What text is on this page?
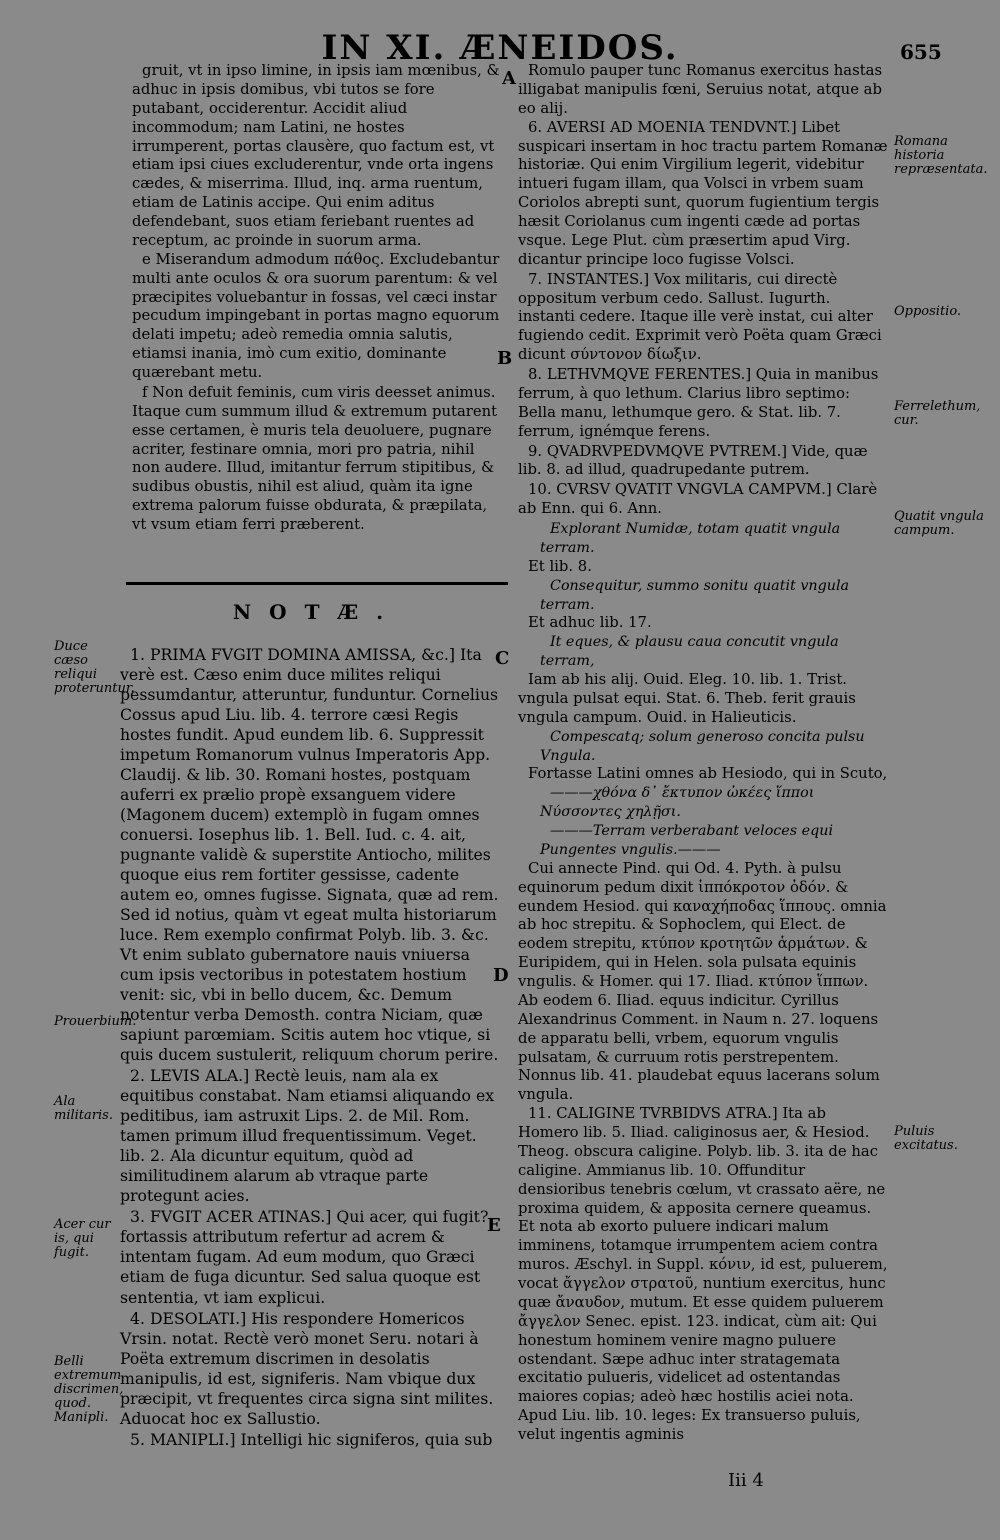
IN XI. ÆNEIDOS.	655

gruit, vt in ipso limine, in ipsis iam mœnibus, & adhuc in ipsis domibus, vbi tutos se fore putabant, occiderentur. Accidit aliud incommodum; nam Latini, ne hostes irrumperent, portas clausère, quo factum est, vt etiam ipsi ciues excluderentur, vnde orta ingens cædes, & miserrima. Illud, inq. arma ruentum, etiam de Latinis accipe. Qui enim aditus defendebant, suos etiam feriebant ruentes ad receptum, ac proinde in suorum arma.

e Miserandum admodum πάθος. Excludebantur multi ante oculos & ora suorum parentum: & vel præcipites voluebantur in fossas, vel cæci instar pecudum impingebant in portas magno equorum delati impetu; adeò remedia omnia salutis, etiamsi inania, imò cum exitio, dominante quærebant metu.

f Non defuit feminis, cum viris deesset animus. Itaque cum summum illud & extremum putarent esse certamen, è muris tela deuoluere, pugnare acriter, festinare omnia, mori pro patria, nihil non audere. Illud, imitantur ferrum stipitibus, & sudibus obustis, nihil est aliud, quàm ita igne extrema palorum fuisse obdurata, & præpilata, vt vsum etiam ferri præberent.

NOTÆ.

1. PRIMA FVGIT DOMINA AMISSA, &c.] Ita verè est. Cæso enim duce milites reliqui pessumdantur, atteruntur, funduntur. Cornelius Cossus apud Liu. lib. 4. terrore cæsi Regis hostes fundit. Apud eundem lib. 6. Suppressit impetum Romanorum vulnus Imperatoris App. Claudij. & lib. 30. Romani hostes, postquam auferri ex prælio propè exsanguem videre (Magonem ducem) extemplò in fugam omnes conuersi. Iosephus lib. 1. Bell. Iud. c. 4. ait, pugnante validè & superstite Antiocho, milites quoque eius rem fortiter gessisse, cadente autem eo, omnes fugisse. Signata, quæ ad rem. Sed id notius, quàm vt egeat multa historiarum luce. Rem exemplo confirmat Polyb. lib. 3. &c. Vt enim sublato gubernatore nauis vniuersa cum ipsis vectoribus in potestatem hostium venit: sic, vbi in bello ducem, &c. Demum notentur verba Demosth. contra Niciam, quæ sapiunt parœmiam. Scitis autem hoc vtique, si quis ducem sustulerit, reliquum chorum perire.

2. LEVIS ALA.] Rectè leuis, nam ala ex equitibus constabat. Nam etiamsi aliquando ex peditibus, iam astruxit Lips. 2. de Mil. Rom. tamen primum illud frequentissimum. Veget. lib. 2. Ala dicuntur equitum, quòd ad similitudinem alarum ab vtraque parte protegunt acies.

3. FVGIT ACER ATINAS.] Qui acer, qui fugit? fortassis attributum refertur ad acrem & intentam fugam. Ad eum modum, quo Græci etiam de fuga dicuntur. Sed salua quoque est sententia, vt iam explicui.

4. DESOLATI.] His respondere Homericos Vrsin. notat. Rectè verò monet Seru. notari à Poëta extremum discrimen in desolatis manipulis, id est, signiferis. Nam vbique dux præcipit, vt frequentes circa signa sint milites. Aduocat hoc ex Sallustio.

5. MANIPLI.] Intelligi hic signiferos, quia sub

Romulo pauper tunc Romanus exercitus hastas illigabat manipulis fœni, Seruius notat, atque ab eo alij.

6. AVERSI AD MOENIA TENDVNT.] Libet suspicari insertam in hoc tractu partem Romanæ historiæ. Qui enim Virgilium legerit, videbitur intueri fugam illam, qua Volsci in vrbem suam Coriolos abrepti sunt, quorum fugientium tergis hæsit Coriolanus cum ingenti cæde ad portas vsque. Lege Plut. cùm præsertim apud Virg. dicantur principe loco fugisse Volsci.

7. INSTANTES.] Vox militaris, cui directè oppositum verbum cedo. Sallust. Iugurth. instanti cedere. Itaque ille verè instat, cui alter fugiendo cedit. Exprimit verò Poëta quam Græci dicunt σύντονον δίωξιν.

8. LETHVMQVE FERENTES.] Quia in manibus ferrum, à quo lethum. Clarius libro septimo: Bella manu, lethumque gero. & Stat. lib. 7. ferrum, ignémque ferens.

9. QVADRVPEDVMQVE PVTREM.] Vide, quæ lib. 8. ad illud, quadrupedante putrem.

10. CVRSV QVATIT VNGVLA CAMPVM.] Clarè ab Enn. qui 6. Ann.

Explorant Numidæ, totam quatit vngula terram.

Et lib. 8.

Consequitur, summo sonitu quatit vngula terram.

Et adhuc lib. 17.

It eques, & plausu caua concutit vngula terram,

Iam ab his alij. Ouid. Eleg. 10. lib. 1. Trist. vngula pulsat equi. Stat. 6. Theb. ferit grauis vngula campum. Ouid. in Halieuticis.

Compescatq; solum generoso concita pulsu Vngula.

Fortasse Latini omnes ab Hesiodo, qui in Scuto,

———χθόνα δ᾽ ἔκτυπον ὠκέες ἵπποι Νύσσοντες χηλῇσι.

———Terram verberabant veloces equi Pungentes vngulis.———

Cui annecte Pind. qui Od. 4. Pyth. à pulsu equinorum pedum dixit ἱππόκροτον ὁδόν. & eundem Hesiod. qui καναχήποδας ἵππους. omnia ab hoc strepitu. & Sophoclem, qui Elect. de eodem strepitu, κτύπον κροτητῶν ἁρμάτων. & Euripidem, qui in Helen. sola pulsata equinis vngulis. & Homer. qui 17. Iliad. κτύπον ἵππων. Ab eodem 6. Iliad. equus indicitur. Cyrillus Alexandrinus Comment. in Naum n. 27. loquens de apparatu belli, vrbem, equorum vngulis pulsatam, & curruum rotis perstrepentem. Nonnus lib. 41. plaudebat equus lacerans solum vngula.

11. CALIGINE TVRBIDVS ATRA.] Ita ab Homero lib. 5. Iliad. caliginosus aer, & Hesiod. Theog. obscura caligine. Polyb. lib. 3. ita de hac caligine. Ammianus lib. 10. Offunditur densioribus tenebris cœlum, vt crassato aëre, ne proxima quidem, & apposita cernere queamus. Et nota ab exorto puluere indicari malum imminens, totamque irrumpentem aciem contra muros. Æschyl. in Suppl. κόνιν, id est, puluerem, vocat ἄγγελον στρατοῦ, nuntium exercitus, hunc quæ ἄναυδον, mutum. Et esse quidem puluerem ἄγγελον Senec. epist. 123. indicat, cùm ait: Qui honestum hominem venire magno puluere ostendant. Sæpe adhuc inter stratagemata excitatio pulueris, videlicet ad ostentandas maiores copias; adeò hæc hostilis aciei nota. Apud Liu. lib. 10. leges: Ex transuerso puluis, velut ingentis agminis

Duce cæso reliqui proteruntur.
Prouerbium.
Ala militaris.
Acer cur is, qui fugit.
Belli extremum discrimen, quod. Manipli.
Romana historia repræsentata.
Oppositio.
Ferrelethum, cur.
Quatit vngula campum.
Puluis excitatus.
A
B
C
D
E
Iii 4
